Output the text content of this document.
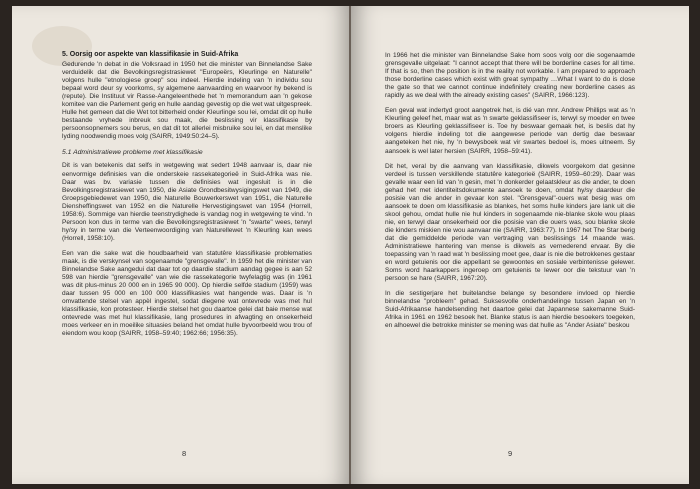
5. Oorsig oor aspekte van klassifikasie in Suid-Afrika

Gedurende 'n debat in die Volksraad in 1950 het die minister van Binnelandse Sake verduidelik dat die Bevolkingsregistrasiewet "Europeërs, Kleurlinge en Naturelle" volgens hulle "etnologiese groep" sou indeel. Hierdie indeling van 'n individu sou bepaal word deur sy voorkoms, sy algemene aanvaarding en waarvoor hy bekend is (repute). Die Instituut vir Rasse-Aangeleenthede het 'n memorandum aan 'n gekose komitee van die Parlement gerig en hulle aandag gevestig op die wet wat uitgespreek. Hulle het gemeen dat die Wet tot bitterheid onder Kleurlinge sou lei, omdat dit op hulle bestaande vryhede inbreuk sou maak, die beslissing vir klassifikasie by persoonsopnemers sou berus, en dat dit tot allerlei misbruike sou lei, en dat menslike lyding noodwendig moes volg (SAIRR, 1949:50:24–5).

5.1 Administratiewe probleme met klassifikasie

Dit is van betekenis dat selfs in wetgewing wat sedert 1948 aanvaar is, daar nie eenvormige definisies van die onderskeie rassekategorieë in Suid-Afrika was nie. Daar was bv. variasie tussen die definisies wat ingesluit is in die Bevolkingsregistrasiewet van 1950, die Asiate Grondbesitwysigingswet van 1949, die Groepsgebiedewet van 1950, die Naturelle Bouwerkerswet van 1951, die Naturelle Diensheffingswet van 1952 en die Naturelle Hervestigingswet van 1954 (Horrell, 1958:6). Sommige van hierdie teenstrydighede is vandag nog in wetgewing te vind. 'n Persoon kon dus in terme van die Bevolkingsregistrasiewet 'n "swarte" wees, terwyl hy/sy in terme van die Verteenwoordiging van Naturellewet 'n Kleurling kan wees (Horrell, 1958:10).

Een van die sake wat die houdbaarheid van statutêre klassifikasie problematies maak, is die verskynsel van sogenaamde "grensgevalle". In 1959 het die minister van Binnelandse Sake aangedui dat daar tot op daardie stadium aandag gegee is aan 52 598 van hierdie "grensgevalle" van wie die rassekategorie twyfelagtig was (in 1961 was dit plus-minus 20 000 en in 1965 90 000). Op hierdie selfde stadium (1959) was daar tussen 95 000 en 100 000 klassifikasies wat hangende was. Daar is 'n omvattende stelsel van appèl ingestel, sodat diegene wat ontevrede was met hul klassifikasie, kon protesteer. Hierdie stelsel het gou daartoe gelei dat baie mense wat ontevrede was met hul klassifikasie, lang prosedures in afwagting en onsekerheid moes verkeer en in moeilike situasies beland het omdat hulle byvoorbeeld wou trou of eiendom wou koop (SAIRR, 1958–59:40; 1962:66; 1956:35).

8

In 1966 het die minister van Binnelandse Sake hom soos volg oor die sogenaamde grensgevalle uitgelaat: "I cannot accept that there will be borderline cases for all time. If that is so, then the position is in the reality not workable. I am prepared to approach those borderline cases which exist with great sympathy …What I want to do is close the gate so that we cannot continue indefinitely creating new borderline cases as rapidly as we deal with the already existing cases" (SAIRR, 1966:123).

Een geval wat indertyd groot aangetrek het, is dié van mnr. Andrew Phillips wat as 'n Kleurling geleef het, maar wat as 'n swarte geklassifiseer is, terwyl sy moeder en twee broers as Kleurling geklassifiseer is. Toe hy beswaar gemaak het, is beslis dat hy volgens hierdie indeling tot die aangewese periode van dertig dae beswaar aangeteken het nie, hy 'n bewysboek wat vir swartes bedoel is, moes uitneem. Sy aansoek is wel later hersien (SAIRR, 1958–59:41).

Dit het, veral by die aanvang van klassifikasie, dikwels voorgekom dat gesinne verdeel is tussen verskillende statutêre kategorieë (SAIRR, 1959–60:29). Daar was gevalle waar een lid van 'n gesin, met 'n donkerder gelaatskleur as die ander, te doen gehad het met identiteitsdokumente aansoek te doen, omdat hy/sy daardeur die posisie van die ander in gevaar kon stel. "Grensgeval"-ouers wat besig was om aansoek te doen om klassifikasie as blankes, het soms hulle kinders jare lank uit die skool gehou, omdat hulle nie hul kinders in sogenaamde nie-blanke skole wou plaas nie, en terwyl daar onsekerheid oor die posisie van die ouers was, sou blanke skole die kinders miskien nie wou aanvaar nie (SAIRR, 1963:77). In 1967 het The Star berig dat die gemiddelde periode van vertraging van beslissings 14 maande was. Administratiewe hantering van mense is dikwels as vernederend ervaar. By die toepassing van 'n raad wat 'n beslissing moet gee, daar is nie die betrokkenes gestaar en word getuienis oor die appellant se gewoontes en sosiale verbintenisse gelewer. Soms word haarkappers ingeroep om getuienis te lewer oor die tekstuur van 'n persoon se hare (SAIRR, 1967:20).

In die sestigerjare het buitelandse belange sy besondere invloed op hierdie binnelandse "probleem" gehad. Suksesvolle onderhandelinge tussen Japan en 'n Suid-Afrikaanse handelsending het daartoe gelei dat Japannese sakemanne Suid-Afrika in 1961 en 1962 besoek het. Blanke status is aan hierdie besoekers toegeken, en alhoewel die betrokke minister se mening was dat hulle as "Ander Asiate" beskou

9
